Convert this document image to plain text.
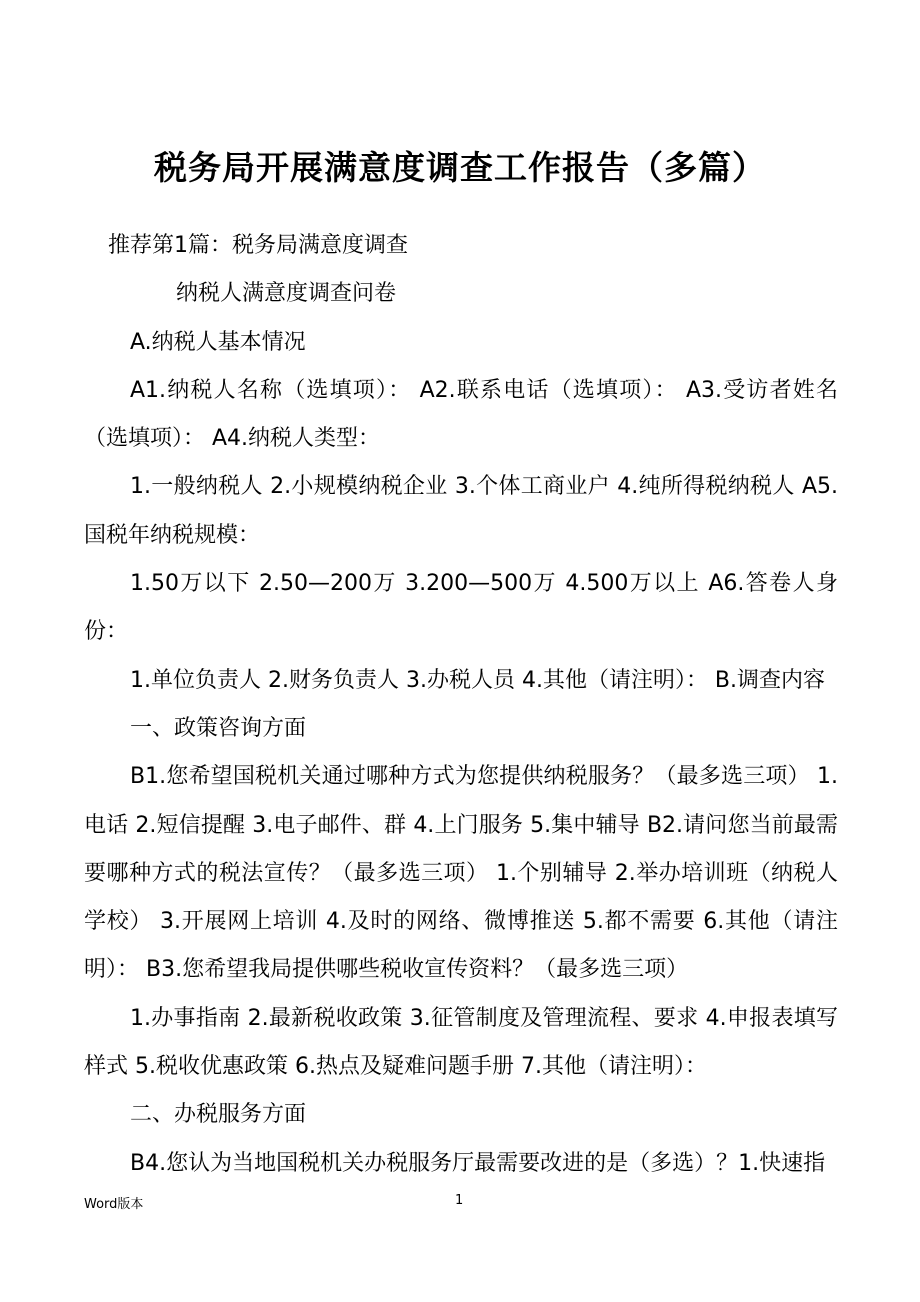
税务局开展满意度调查工作报告（多篇）

推荐第1篇：税务局满意度调查

纳税人满意度调查问卷

A.纳税人基本情况

A1.纳税人名称（选填项）： A2.联系电话（选填项）： A3.受访者姓名（选填项）： A4.纳税人类型：

1.一般纳税人 2.小规模纳税企业 3.个体工商业户 4.纯所得税纳税人 A5.国税年纳税规模：

1.50万以下 2.50—200万 3.200—500万 4.500万以上 A6.答卷人身份：

1.单位负责人 2.财务负责人 3.办税人员 4.其他（请注明）： B.调查内容

一、政策咨询方面

B1.您希望国税机关通过哪种方式为您提供纳税服务？（最多选三项） 1.电话 2.短信提醒 3.电子邮件、群 4.上门服务 5.集中辅导 B2.请问您当前最需要哪种方式的税法宣传？（最多选三项） 1.个别辅导 2.举办培训班（纳税人学校） 3.开展网上培训 4.及时的网络、微博推送 5.都不需要 6.其他（请注明）： B3.您希望我局提供哪些税收宣传资料？（最多选三项）

1.办事指南 2.最新税收政策 3.征管制度及管理流程、要求 4.申报表填写样式 5.税收优惠政策 6.热点及疑难问题手册 7.其他（请注明）：

二、办税服务方面

B4.您认为当地国税机关办税服务厅最需要改进的是（多选）？1.快速指

Word版本	1
